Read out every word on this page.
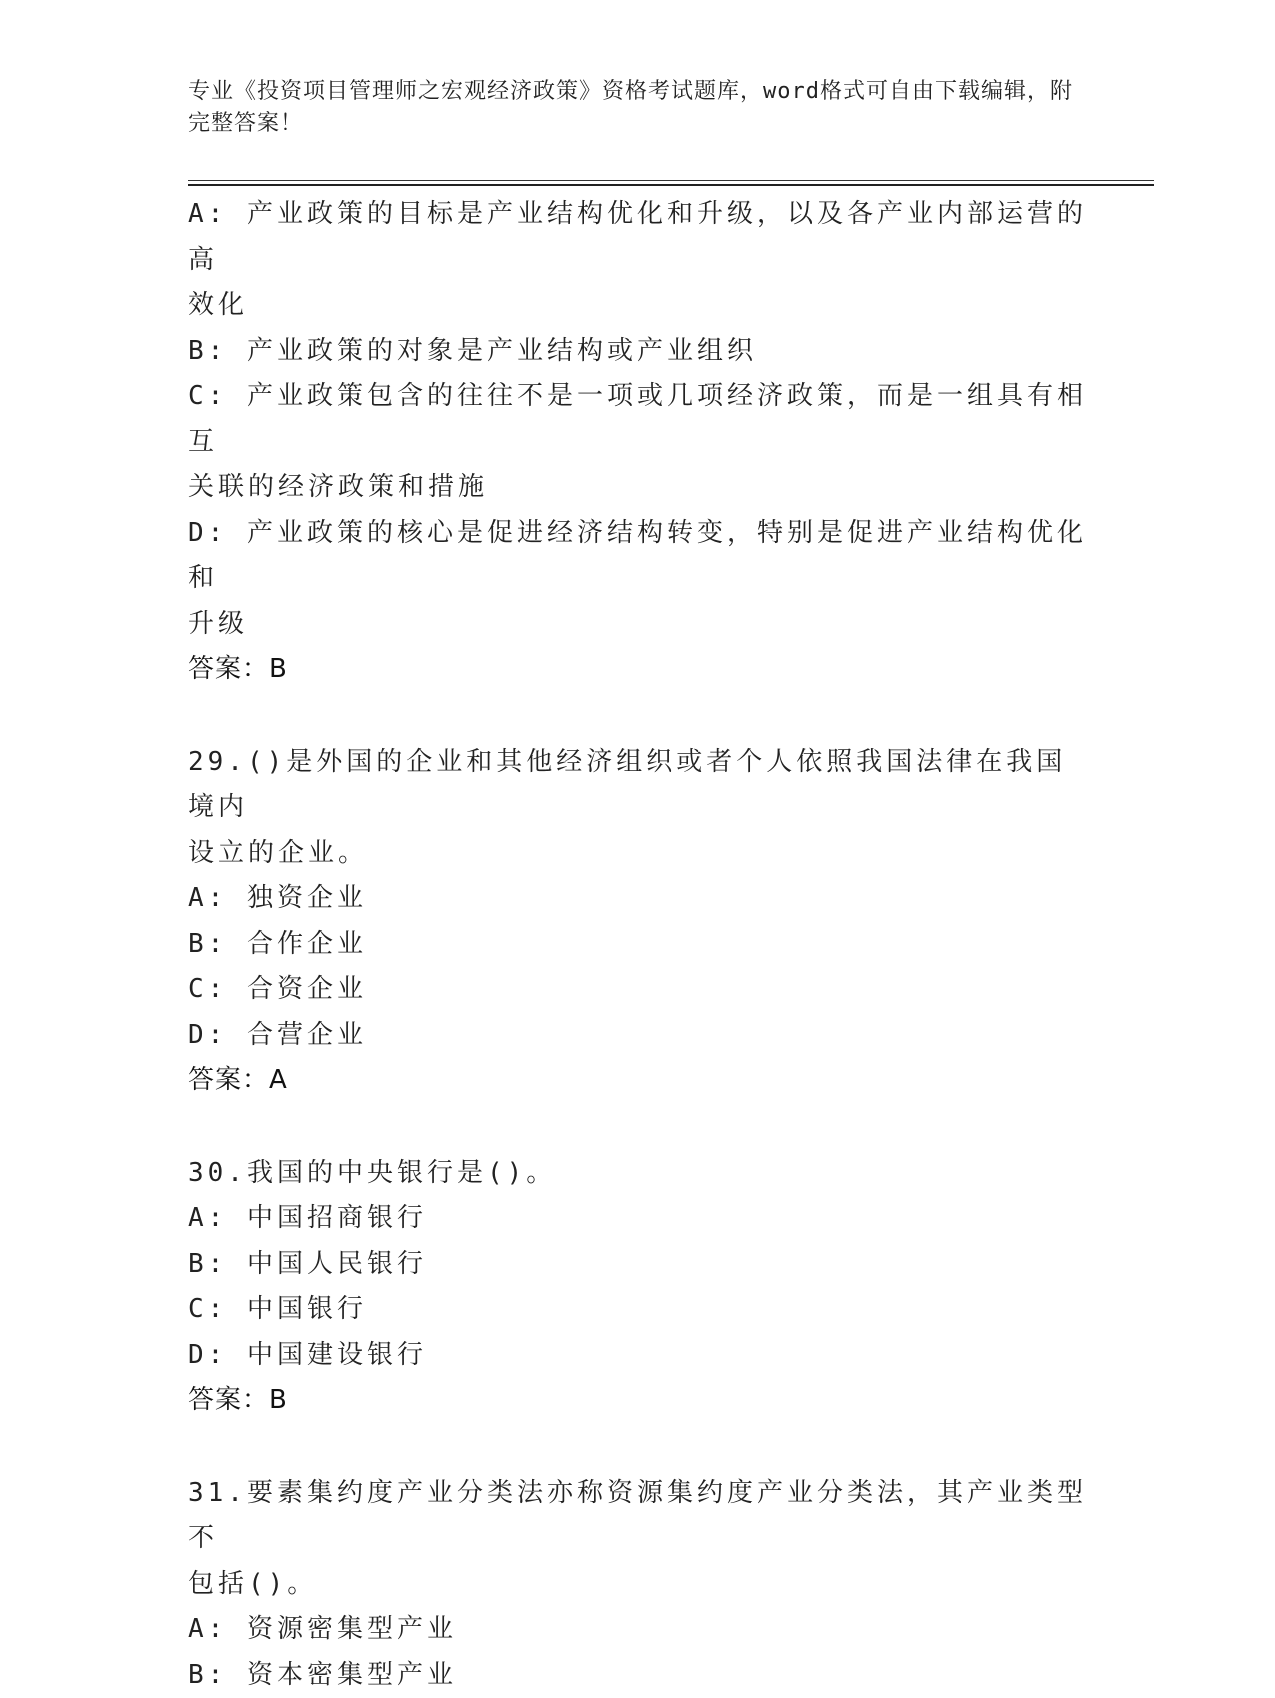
专业《投资项目管理师之宏观经济政策》资格考试题库，word格式可自由下载编辑，附完整答案！
A: 产业政策的目标是产业结构优化和升级，以及各产业内部运营的高
效化
B: 产业政策的对象是产业结构或产业组织
C: 产业政策包含的往往不是一项或几项经济政策，而是一组具有相互
关联的经济政策和措施
D: 产业政策的核心是促进经济结构转变，特别是促进产业结构优化和
升级
答案：B
29.()是外国的企业和其他经济组织或者个人依照我国法律在我国境内
设立的企业。
A: 独资企业
B: 合作企业
C: 合资企业
D: 合营企业
答案：A
30.我国的中央银行是()。
A: 中国招商银行
B: 中国人民银行
C: 中国银行
D: 中国建设银行
答案：B
31.要素集约度产业分类法亦称资源集约度产业分类法，其产业类型不
包括()。
A: 资源密集型产业
B: 资本密集型产业
